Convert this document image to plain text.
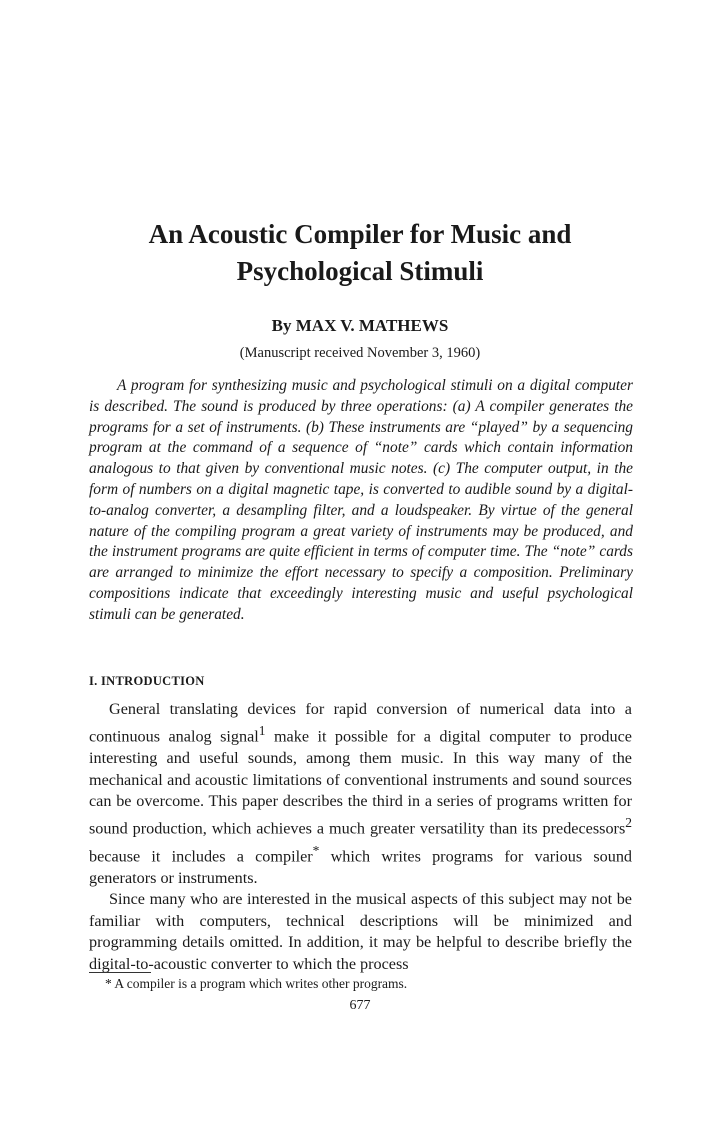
An Acoustic Compiler for Music and
Psychological Stimuli
By MAX V. MATHEWS
(Manuscript received November 3, 1960)

A program for synthesizing music and psychological stimuli on a digital computer is described. The sound is produced by three operations: (a) A compiler generates the programs for a set of instruments. (b) These instruments are “played” by a sequencing program at the command of a sequence of “note” cards which contain information analogous to that given by conventional music notes. (c) The computer output, in the form of numbers on a digital magnetic tape, is converted to audible sound by a digital-to-analog converter, a desampling filter, and a loudspeaker. By virtue of the general nature of the compiling program a great variety of instruments may be produced, and the instrument programs are quite efficient in terms of computer time. The “note” cards are arranged to minimize the effort necessary to specify a composition. Preliminary compositions indicate that exceedingly interesting music and useful psychological stimuli can be generated.

I. INTRODUCTION

General translating devices for rapid conversion of numerical data into a continuous analog signal$^1$ make it possible for a digital computer to produce interesting and useful sounds, among them music. In this way many of the mechanical and acoustic limitations of conventional instruments and sound sources can be overcome. This paper describes the third in a series of programs written for sound production, which achieves a much greater versatility than its predecessors$^2$ because it includes a compiler* which writes programs for various sound generators or instruments.

Since many who are interested in the musical aspects of this subject may not be familiar with computers, technical descriptions will be minimized and programming details omitted. In addition, it may be helpful to describe briefly the digital-to-acoustic converter to which the process

* A compiler is a program which writes other programs.

677
